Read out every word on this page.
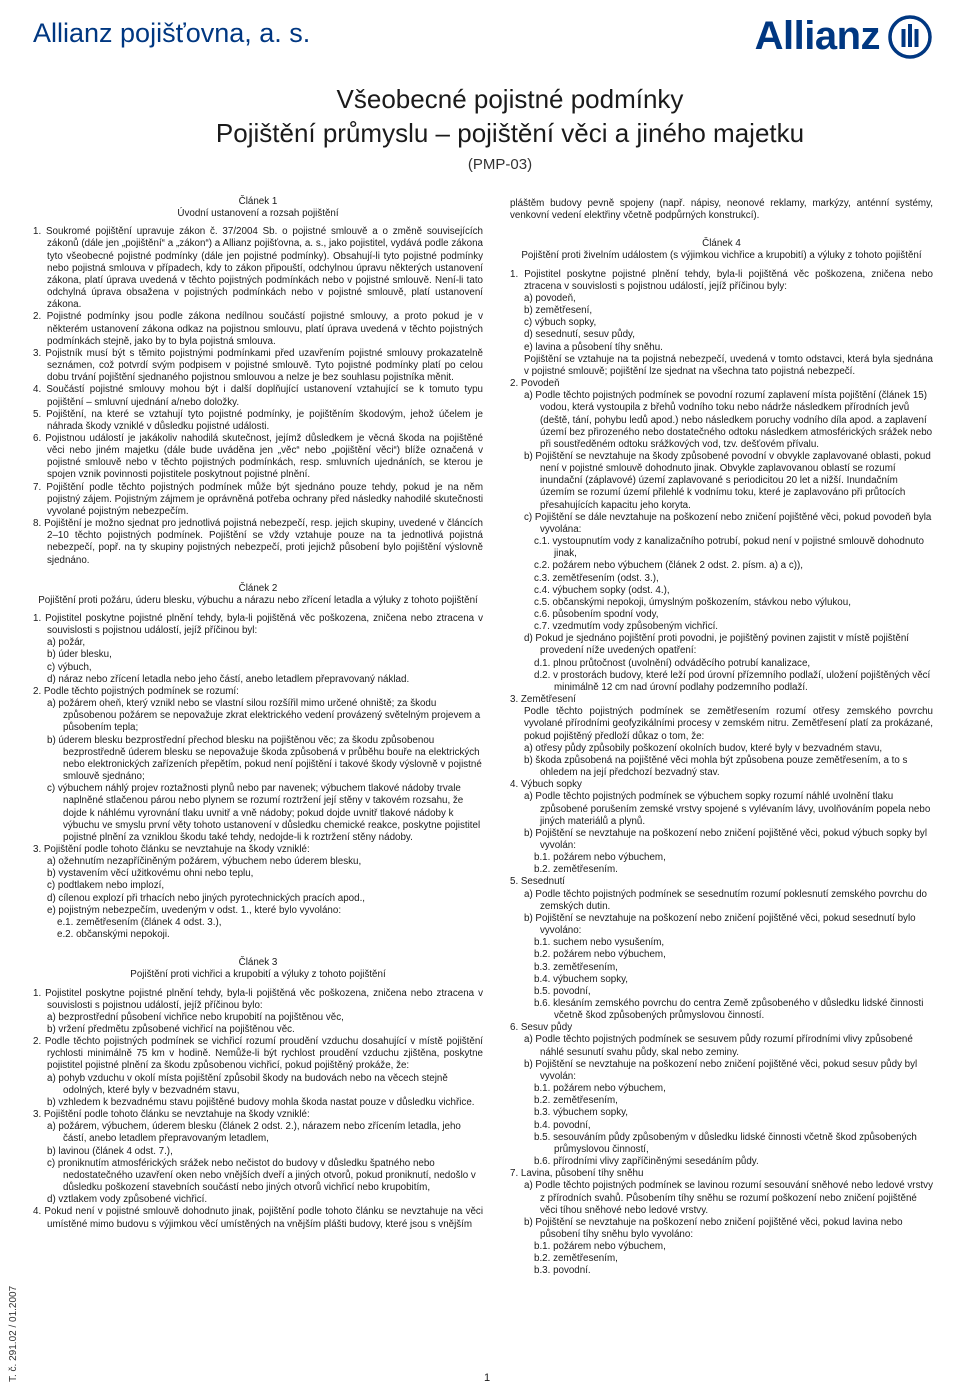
Allianz pojišťovna, a. s.	Allianz
Všeobecné pojistné podmínky
Pojištění průmyslu – pojištění věci a jiného majetku
(PMP-03)
T. č. 291.02 / 01.2007
Článek 1
Úvodní ustanovení a rozsah pojištění

1. Soukromé pojištění upravuje zákon č. 37/2004 Sb. o pojistné smlouvě a o změně souvisejících zákonů (dále jen „pojištění“ a „zákon“) a Allianz pojišťovna, a. s., jako pojistitel, vydává podle zákona tyto všeobecné pojistné podmínky (dále jen pojistné podmínky). Obsahují-li tyto pojistné podmínky nebo pojistná smlouva v případech, kdy to zákon připouští, odchylnou úpravu některých ustanovení zákona, platí úprava uvedená v těchto pojistných podmínkách nebo v pojistné smlouvě. Není-li tato odchylná úprava obsažena v pojistných podmínkách nebo v pojistné smlouvě, platí ustanovení zákona.

2. Pojistné podmínky jsou podle zákona nedílnou součástí pojistné smlouvy, a proto pokud je v některém ustanovení zákona odkaz na pojistnou smlouvu, platí úprava uvedená v těchto pojistných podmínkách stejně, jako by to byla pojistná smlouva.

3. Pojistník musí být s těmito pojistnými podmínkami před uzavřením pojistné smlouvy prokazatelně seznámen, což potvrdí svým podpisem v pojistné smlouvě. Tyto pojistné podmínky platí po celou dobu trvání pojištění sjednaného pojistnou smlouvou a nelze je bez souhlasu pojistníka měnit.

4. Součástí pojistné smlouvy mohou být i další doplňující ustanovení vztahující se k tomuto typu pojištění – smluvní ujednání a/nebo doložky.

5. Pojištění, na které se vztahují tyto pojistné podmínky, je pojištěním škodovým, jehož účelem je náhrada škody vzniklé v důsledku pojistné události.

6. Pojistnou událostí je jakákoliv nahodilá skutečnost, jejímž důsledkem je věcná škoda na pojištěné věci nebo jiném majetku (dále bude uváděna jen „věc“ nebo „pojištění věci“) blíže označená v pojistné smlouvě nebo v těchto pojistných podmínkách, resp. smluvních ujednáních, se kterou je spojen vznik povinnosti pojistitele poskytnout pojistné plnění.

7. Pojištění podle těchto pojistných podmínek může být sjednáno pouze tehdy, pokud je na něm pojistný zájem. Pojistným zájmem je oprávněná potřeba ochrany před následky nahodilé skutečnosti vyvolané pojistným nebezpečím.

8. Pojištění je možno sjednat pro jednotlivá pojistná nebezpečí, resp. jejich skupiny, uvedené v článcích 2–10 těchto pojistných podmínek. Pojištění se vždy vztahuje pouze na ta jednotlivá pojistná nebezpečí, popř. na ty skupiny pojistných nebezpečí, proti jejichž působení bylo pojištění výslovně sjednáno.

Článek 2
Pojištění proti požáru, úderu blesku, výbuchu a nárazu nebo zřícení letadla a výluky z tohoto pojištění

1. Pojistitel poskytne pojistné plnění tehdy, byla-li pojištěná věc poškozena, zničena nebo ztracena v souvislosti s pojistnou událostí, jejíž příčinou byl:

a) požár,

b) úder blesku,

c) výbuch,

d) náraz nebo zřícení letadla nebo jeho částí, anebo letadlem přepravovaný náklad.

2. Podle těchto pojistných podmínek se rozumí:

a) požárem oheň, který vznikl nebo se vlastní silou rozšířil mimo určené ohniště; za škodu způsobenou požárem se nepovažuje zkrat elektrického vedení provázený světelným projevem a působením tepla;

b) úderem blesku bezprostřední přechod blesku na pojištěnou věc; za škodu způsobenou bezprostředně úderem blesku se nepovažuje škoda způsobená v průběhu bouře na elektrických nebo elektronických zařízeních přepětím, pokud není pojištění i takové škody výslovně v pojistné smlouvě sjednáno;

c) výbuchem náhlý projev roztažnosti plynů nebo par navenek; výbuchem tlakové nádoby trvale naplněné stlačenou párou nebo plynem se rozumí roztržení její stěny v takovém rozsahu, že dojde k náhlému vyrovnání tlaku uvnitř a vně nádoby; pokud dojde uvnitř tlakové nádoby k výbuchu ve smyslu první věty tohoto ustanovení v důsledku chemické reakce, poskytne pojistitel pojistné plnění za vzniklou škodu také tehdy, nedojde-li k roztržení stěny nádoby.

3. Pojištění podle tohoto článku se nevztahuje na škody vzniklé:

a) ožehnutím nezapříčiněným požárem, výbuchem nebo úderem blesku,

b) vystavením věcí užitkovému ohni nebo teplu,

c) podtlakem nebo implozí,

d) cílenou explozí při trhacích nebo jiných pyrotechnických pracích apod.,

e) pojistným nebezpečím, uvedeným v odst. 1., které bylo vyvoláno:

e.1. zemětřesením (článek 4 odst. 3.),

e.2. občanskými nepokoji.

Článek 3
Pojištění proti vichřici a krupobití a výluky z tohoto pojištění

1. Pojistitel poskytne pojistné plnění tehdy, byla-li pojištěná věc poškozena, zničena nebo ztracena v souvislosti s pojistnou událostí, jejíž příčinou bylo:

a) bezprostřední působení vichřice nebo krupobití na pojištěnou věc,

b) vržení předmětu způsobené vichřicí na pojištěnou věc.

2. Podle těchto pojistných podmínek se vichřicí rozumí proudění vzduchu dosahující v místě pojištění rychlosti minimálně 75 km v hodině. Nemůže-li být rychlost proudění vzduchu zjištěna, poskytne pojistitel pojistné plnění za škodu způsobenou vichřicí, pokud pojištěný prokáže, že:

a) pohyb vzduchu v okolí místa pojištění způsobil škody na budovách nebo na věcech stejně odolných, které byly v bezvadném stavu,

b) vzhledem k bezvadnému stavu pojištěné budovy mohla škoda nastat pouze v důsledku vichřice.

3. Pojištění podle tohoto článku se nevztahuje na škody vzniklé:

a) požárem, výbuchem, úderem blesku (článek 2 odst. 2.), nárazem nebo zřícením letadla, jeho částí, anebo letadlem přepravovaným letadlem,

b) lavinou (článek 4 odst. 7.),

c) proniknutím atmosférických srážek nebo nečistot do budovy v důsledku špatného nebo nedostatečného uzavření oken nebo vnějších dveří a jiných otvorů, pokud proniknutí, nedošlo v důsledku poškození stavebních součástí nebo jiných otvorů vichřicí nebo krupobitím,

d) vztlakem vody způsobené vichřicí.

4. Pokud není v pojistné smlouvě dohodnuto jinak, pojištění podle tohoto článku se nevztahuje na věci umístěné mimo budovu s výjimkou věcí umístěných na vnějším plášti budovy, které jsou s vnějším

pláštěm budovy pevně spojeny (např. nápisy, neonové reklamy, markýzy, anténní systémy, venkovní vedení elektřiny včetně podpůrných konstrukcí).

Článek 4
Pojištění proti živelním událostem (s výjimkou vichřice a krupobití) a výluky z tohoto pojištění

1. Pojistitel poskytne pojistné plnění tehdy, byla-li pojištěná věc poškozena, zničena nebo ztracena v souvislosti s pojistnou událostí, jejíž příčinou byly:

a) povodeň,

b) zemětřesení,

c) výbuch sopky,

d) sesednutí, sesuv půdy,

e) lavina a působení tíhy sněhu.

Pojištění se vztahuje na ta pojistná nebezpečí, uvedená v tomto odstavci, která byla sjednána v pojistné smlouvě; pojištění lze sjednat na všechna tato pojistná nebezpečí.

2. Povodeň

a) Podle těchto pojistných podmínek se povodní rozumí zaplavení místa pojištění (článek 15) vodou, která vystoupila z břehů vodního toku nebo nádrže následkem přírodních jevů (deště, tání, pohybu ledů apod.) nebo následkem poruchy vodního díla apod. a zaplavení území bez přirozeného nebo dostatečného odtoku následkem atmosférických srážek nebo při soustředěném odtoku srážkových vod, tzv. dešťovém přívalu.

b) Pojištění se nevztahuje na škody způsobené povodní v obvykle zaplavované oblasti, pokud není v pojistné smlouvě dohodnuto jinak. Obvykle zaplavovanou oblastí se rozumí inundační (záplavové) území zaplavované s periodicitou 20 let a nižší. Inundačním územím se rozumí území přilehlé k vodnímu toku, které je zaplavováno při průtocích přesahujících kapacitu jeho koryta.

c) Pojištění se dále nevztahuje na poškození nebo zničení pojištěné věci, pokud povodeň byla vyvolána:

c.1. vystoupnutím vody z kanalizačního potrubí, pokud není v pojistné smlouvě dohodnuto jinak,

c.2. požárem nebo výbuchem (článek 2 odst. 2. písm. a) a c)),

c.3. zemětřesením (odst. 3.),

c.4. výbuchem sopky (odst. 4.),

c.5. občanskými nepokoji, úmyslným poškozením, stávkou nebo výlukou,

c.6. působením spodní vody,

c.7. vzedmutím vody způsobeným vichřicí.

d) Pokud je sjednáno pojištění proti povodni, je pojištěný povinen zajistit v místě pojištění provedení níže uvedených opatření:

d.1. plnou průtočnost (uvolnění) odváděcího potrubí kanalizace,

d.2. v prostorách budovy, které leží pod úrovní přízemního podlaží, uložení pojištěných věcí minimálně 12 cm nad úrovní podlahy podzemního podlaží.

3. Zemětřesení

Podle těchto pojistných podmínek se zemětřesením rozumí otřesy zemského povrchu vyvolané přírodními geofyzikálními procesy v zemském nitru. Zemětřesení platí za prokázané, pokud pojištěný předloží důkaz o tom, že:

a) otřesy půdy způsobily poškození okolních budov, které byly v bezvadném stavu,

b) škoda způsobená na pojištěné věci mohla být způsobena pouze zemětřesením, a to s ohledem na její předchozí bezvadný stav.

4. Výbuch sopky

a) Podle těchto pojistných podmínek se výbuchem sopky rozumí náhlé uvolnění tlaku způsobené porušením zemské vrstvy spojené s vylévaním lávy, uvolňováním popela nebo jiných materiálů a plynů.

b) Pojištění se nevztahuje na poškození nebo zničení pojištěné věci, pokud výbuch sopky byl vyvolán:

b.1. požárem nebo výbuchem,

b.2. zemětřesením.

5. Sesednutí

a) Podle těchto pojistných podmínek se sesednutím rozumí poklesnutí zemského povrchu do zemských dutin.

b) Pojištění se nevztahuje na poškození nebo zničení pojištěné věci, pokud sesednutí bylo vyvoláno:

b.1. suchem nebo vysušením,

b.2. požárem nebo výbuchem,

b.3. zemětřesením,

b.4. výbuchem sopky,

b.5. povodní,

b.6. klesáním zemského povrchu do centra Země způsobeného v důsledku lidské činnosti včetně škod způsobených průmyslovou činností.

6. Sesuv půdy

a) Podle těchto pojistných podmínek se sesuvem půdy rozumí přírodními vlivy způsobené náhlé sesunutí svahu půdy, skal nebo zeminy.

b) Pojištění se nevztahuje na poškození nebo zničení pojištěné věci, pokud sesuv půdy byl vyvolán:

b.1. požárem nebo výbuchem,

b.2. zemětřesením,

b.3. výbuchem sopky,

b.4. povodní,

b.5. sesouváním půdy způsobeným v důsledku lidské činnosti včetně škod způsobených průmyslovou činností,

b.6. přírodními vlivy zapříčiněnými sesedáním půdy.

7. Lavina, působení tíhy sněhu

a) Podle těchto pojistných podmínek se lavinou rozumí sesouvání sněhové nebo ledové vrstvy z přírodních svahů. Působením tíhy sněhu se rozumí poškození nebo zničení pojištěné věci tíhou sněhové nebo ledové vrstvy.

b) Pojištění se nevztahuje na poškození nebo zničení pojištěné věci, pokud lavina nebo působení tíhy sněhu bylo vyvoláno:

b.1. požárem nebo výbuchem,

b.2. zemětřesením,

b.3. povodní.

1
